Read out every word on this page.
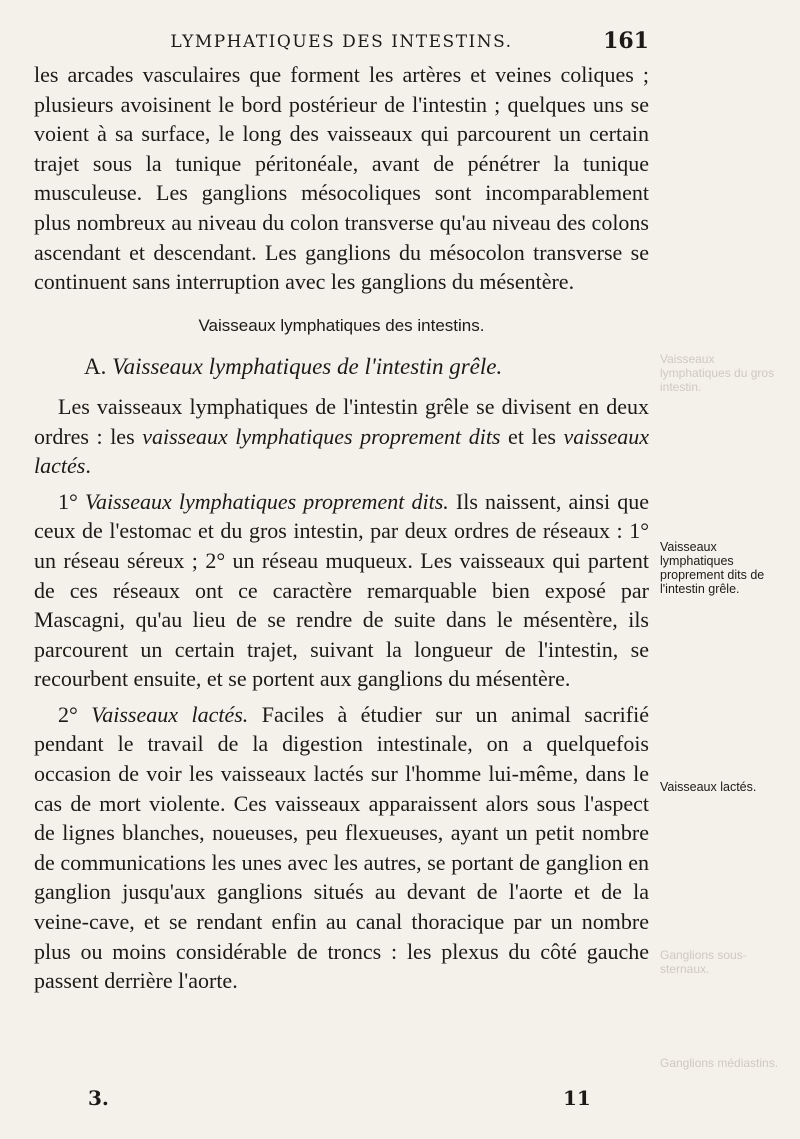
LYMPHATIQUES DES INTESTINS.	161

les arcades vasculaires que forment les artères et veines coliques ; plusieurs avoisinent le bord postérieur de l'intestin ; quelques uns se voient à sa surface, le long des vaisseaux qui parcourent un certain trajet sous la tunique péritonéale, avant de pénétrer la tunique musculeuse. Les ganglions mésocoliques sont incomparablement plus nombreux au niveau du colon transverse qu'au niveau des colons ascendant et descendant. Les ganglions du mésocolon transverse se continuent sans interruption avec les ganglions du mésentère.

Vaisseaux lymphatiques des intestins.

A. Vaisseaux lymphatiques de l'intestin grêle.

Les vaisseaux lymphatiques de l'intestin grêle se divisent en deux ordres : les vaisseaux lymphatiques proprement dits et les vaisseaux lactés.

1° Vaisseaux lymphatiques proprement dits. Ils naissent, ainsi que ceux de l'estomac et du gros intestin, par deux ordres de réseaux : 1° un réseau séreux ; 2° un réseau muqueux. Les vaisseaux qui partent de ces réseaux ont ce caractère remarquable bien exposé par Mascagni, qu'au lieu de se rendre de suite dans le mésentère, ils parcourent un certain trajet, suivant la longueur de l'intestin, se recourbent ensuite, et se portent aux ganglions du mésentère.

2° Vaisseaux lactés. Faciles à étudier sur un animal sacrifié pendant le travail de la digestion intestinale, on a quelquefois occasion de voir les vaisseaux lactés sur l'homme lui-même, dans le cas de mort violente. Ces vaisseaux apparaissent alors sous l'aspect de lignes blanches, noueuses, peu flexueuses, ayant un petit nombre de communications les unes avec les autres, se portant de ganglion en ganglion jusqu'aux ganglions situés au devant de l'aorte et de la veine-cave, et se rendant enfin au canal thoracique par un nombre plus ou moins considérable de troncs : les plexus du côté gauche passent derrière l'aorte.

Vaisseaux lymphatiques proprement dits de l'intestin grêle.
Vaisseaux lactés.
Vaisseaux lymphatiques du gros intestin.
Ganglions sous-sternaux.
Ganglions médiastins.
3.	11
